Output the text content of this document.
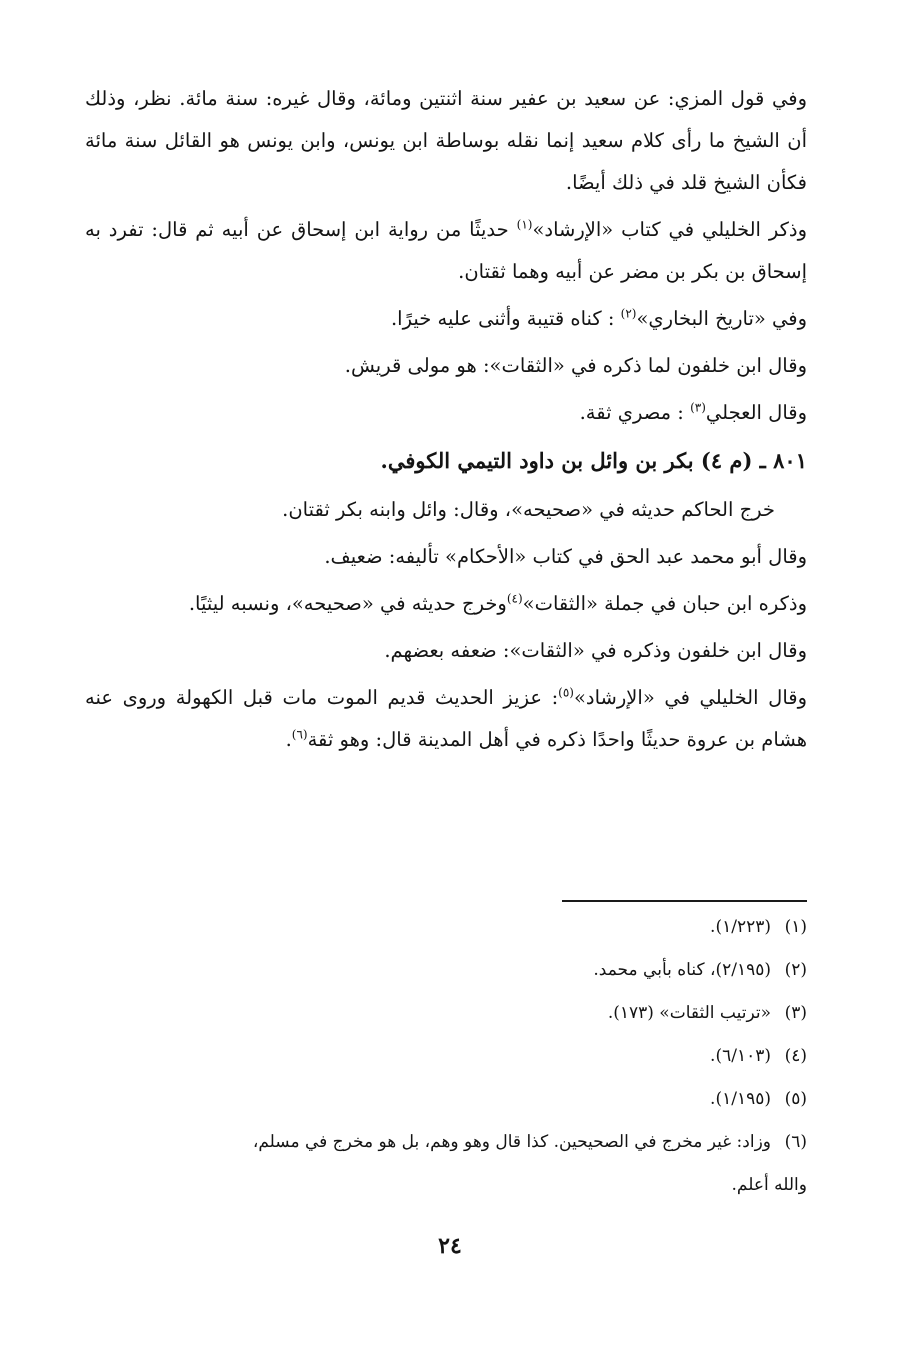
وفي قول المزي: عن سعيد بن عفير سنة اثنتين ومائة، وقال غيره: سنة مائة. نظر، وذلك أن الشيخ ما رأى كلام سعيد إنما نقله بوساطة ابن يونس، وابن يونس هو القائل سنة مائة فكأن الشيخ قلد في ذلك أيضًا.

وذكر الخليلي في كتاب «الإرشاد»$^{(١)}$ حديثًا من رواية ابن إسحاق عن أبيه ثم قال: تفرد به إسحاق بن بكر بن مضر عن أبيه وهما ثقتان.

وفي «تاريخ البخاري»$^{(٢)}$ : كناه قتيبة وأثنى عليه خيرًا.

وقال ابن خلفون لما ذكره في «الثقات»: هو مولى قريش.

وقال العجلي$^{(٣)}$ : مصري ثقة.

٨٠١ ـ (م ٤) بكر بن وائل بن داود التيمي الكوفي.

خرج الحاكم حديثه في «صحيحه»، وقال: وائل وابنه بكر ثقتان.

وقال أبو محمد عبد الحق في كتاب «الأحكام» تأليفه: ضعيف.

وذكره ابن حبان في جملة «الثقات»$^{(٤)}$وخرج حديثه في «صحيحه»، ونسبه ليثيًا.

وقال ابن خلفون وذكره في «الثقات»: ضعفه بعضهم.

وقال الخليلي في «الإرشاد»$^{(٥)}$: عزيز الحديث قديم الموت مات قبل الكهولة وروى عنه هشام بن عروة حديثًا واحدًا ذكره في أهل المدينة قال: وهو ثقة$^{(٦)}$.

(١)(١/٢٢٣).

(٢)(٢/١٩٥)، كناه بأبي محمد.

(٣)«ترتيب الثقات» (١٧٣).

(٤)(٦/١٠٣).

(٥)(١/١٩٥).

(٦)وزاد: غير مخرج في الصحيحين. كذا قال وهو وهم، بل هو مخرج في مسلم،

والله أعلم.

٢٤
